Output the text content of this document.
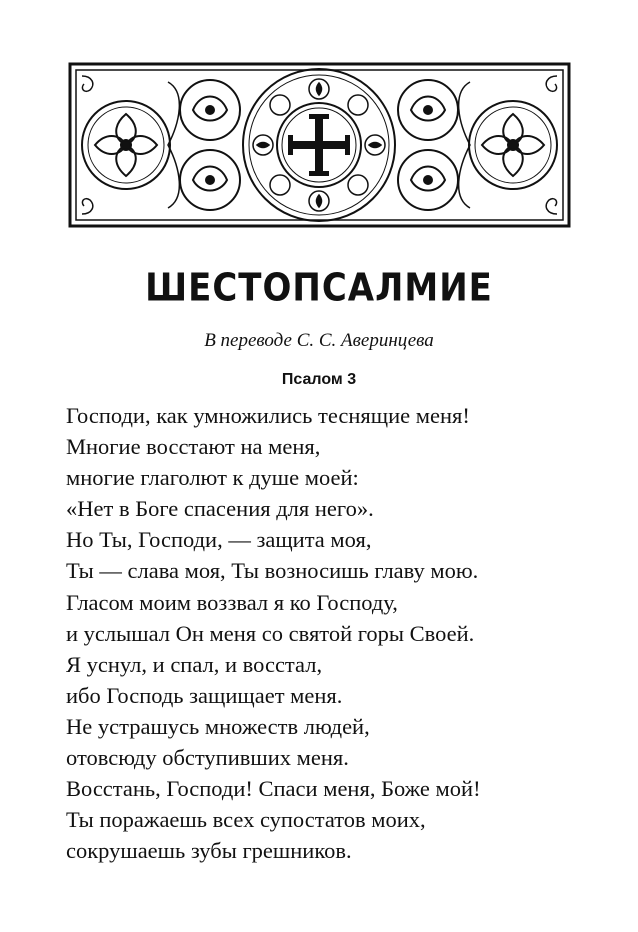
ШЕСТОПСАЛМИЕ
В переводе С. С. Аверинцева
Псалом 3
Господи, как умножились теснящие меня!
Многие восстают на меня,
многие глаголют к душе моей:
«Нет в Боге спасения для него».
Но Ты, Господи, — защита моя,
Ты — слава моя, Ты возносишь главу мою.
Гласом моим воззвал я ко Господу,
и услышал Он меня со святой горы Своей.
Я уснул, и спал, и восстал,
ибо Господь защищает меня.
Не устрашусь множеств людей,
отовсюду обступивших меня.
Восстань, Господи! Спаси меня, Боже мой!
Ты поражаешь всех супостатов моих,
сокрушаешь зубы грешников.
